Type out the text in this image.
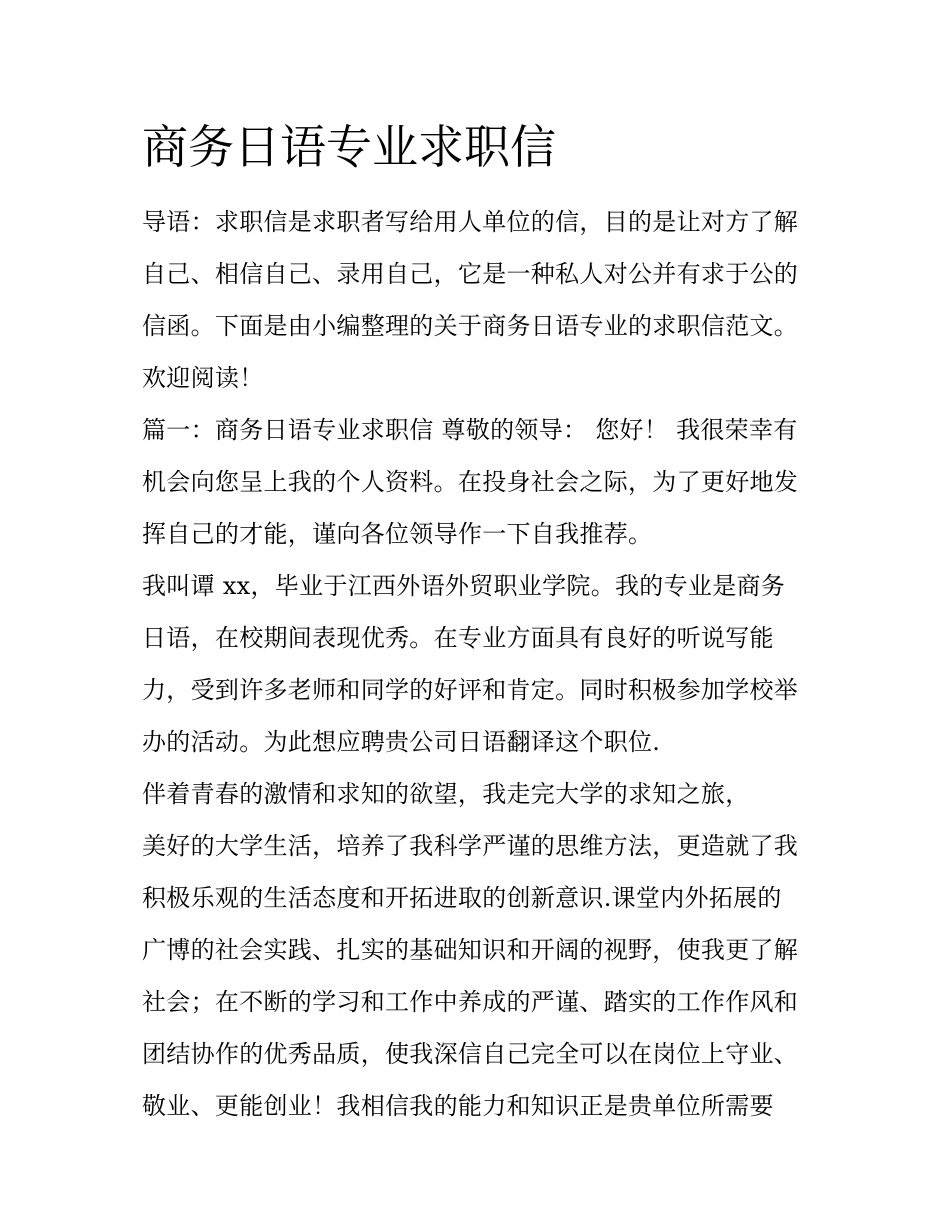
商务日语专业求职信
导语：求职信是求职者写给用人单位的信，目的是让对方了解
自己、相信自己、录用自己，它是一种私人对公并有求于公的
信函。下面是由小编整理的关于商务日语专业的求职信范文。
欢迎阅读！
篇一：商务日语专业求职信 尊敬的领导： 您好！ 我很荣幸有
机会向您呈上我的个人资料。在投身社会之际，为了更好地发
挥自己的才能，谨向各位领导作一下自我推荐。
我叫谭 xx，毕业于江西外语外贸职业学院。我的专业是商务
日语，在校期间表现优秀。在专业方面具有良好的听说写能
力，受到许多老师和同学的好评和肯定。同时积极参加学校举
办的活动。为此想应聘贵公司日语翻译这个职位.
伴着青春的激情和求知的欲望，我走完大学的求知之旅，
美好的大学生活，培养了我科学严谨的思维方法，更造就了我
积极乐观的生活态度和开拓进取的创新意识.课堂内外拓展的
广博的社会实践、扎实的基础知识和开阔的视野，使我更了解
社会；在不断的学习和工作中养成的严谨、踏实的工作作风和
团结协作的优秀品质，使我深信自己完全可以在岗位上守业、
敬业、更能创业！我相信我的能力和知识正是贵单位所需要
